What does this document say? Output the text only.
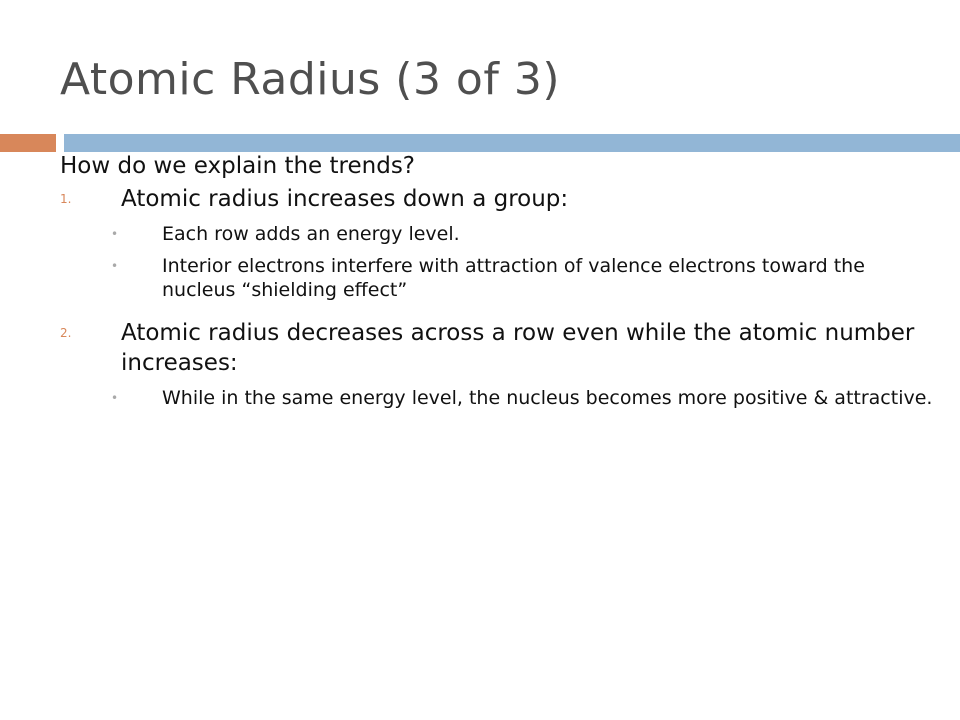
Atomic Radius (3 of 3)
How do we explain the trends?
1. Atomic radius increases down a group:
• Each row adds an energy level.
• Interior electrons interfere with attraction of valence electrons toward the nucleus “shielding effect”
2. Atomic radius decreases across a row even while the atomic number increases:
• While in the same energy level, the nucleus becomes more positive & attractive.
